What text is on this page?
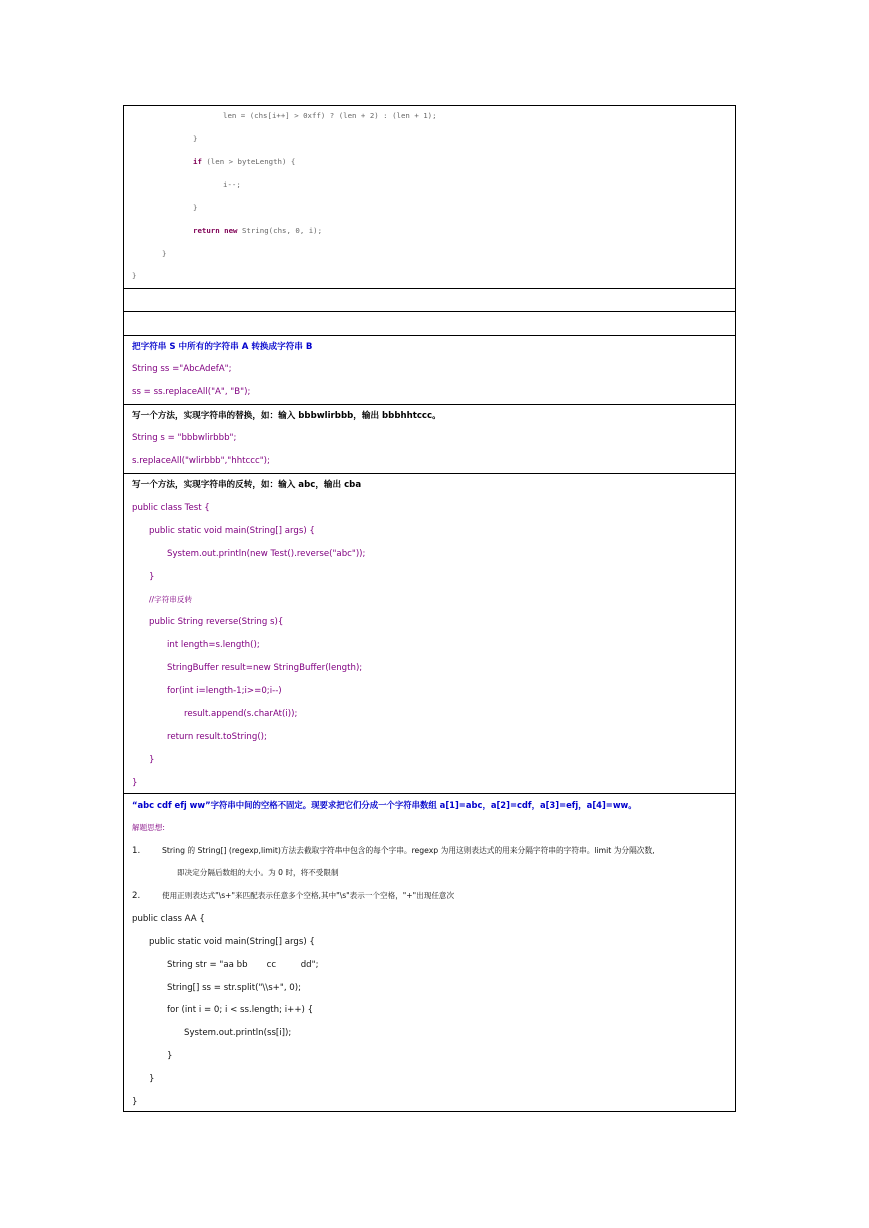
len = (chs[i++] > 0xff) ? (len + 2) : (len + 1);
}
if (len > byteLength) {
i--;
}
return new String(chs, 0, i);
}
}
把字符串 S 中所有的字符串 A 转换成字符串 B
String ss ="AbcAdefA";
ss = ss.replaceAll("A", "B");
写一个方法，实现字符串的替换，如：输入 bbbwlirbbb，输出 bbbhhtccc。
String s = "bbbwlirbbb";
s.replaceAll("wlirbbb","hhtccc");
写一个方法，实现字符串的反转，如：输入 abc，输出 cba
public class Test {
public static void main(String[] args) {
System.out.println(new Test().reverse("abc"));
}
//字符串反转
public String reverse(String s){
int length=s.length();
StringBuffer result=new StringBuffer(length);
for(int i=length-1;i>=0;i--)
result.append(s.charAt(i));
return result.toString();
}
}
“abc cdf efj ww”字符串中间的空格不固定。现要求把它们分成一个字符串数组 a[1]=abc，a[2]=cdf，a[3]=efj，a[4]=ww。
解题思想:
1.	String 的 String[] (regexp,limit)方法去截取字符串中包含的每个字串。regexp 为用这则表达式的用来分隔字符串的字符串。limit 为分隔次数,
即决定分隔后数组的大小。为 0 时，将不受限制
2.	使用正则表达式"\s+"来匹配表示任意多个空格,其中"\s"表示一个空格，"+"出现任意次
public class AA {
public static void main(String[] args) {
String str = "aa bb       cc         dd";
String[] ss = str.split("\\s+", 0);
for (int i = 0; i < ss.length; i++) {
System.out.println(ss[i]);
}
}
}
